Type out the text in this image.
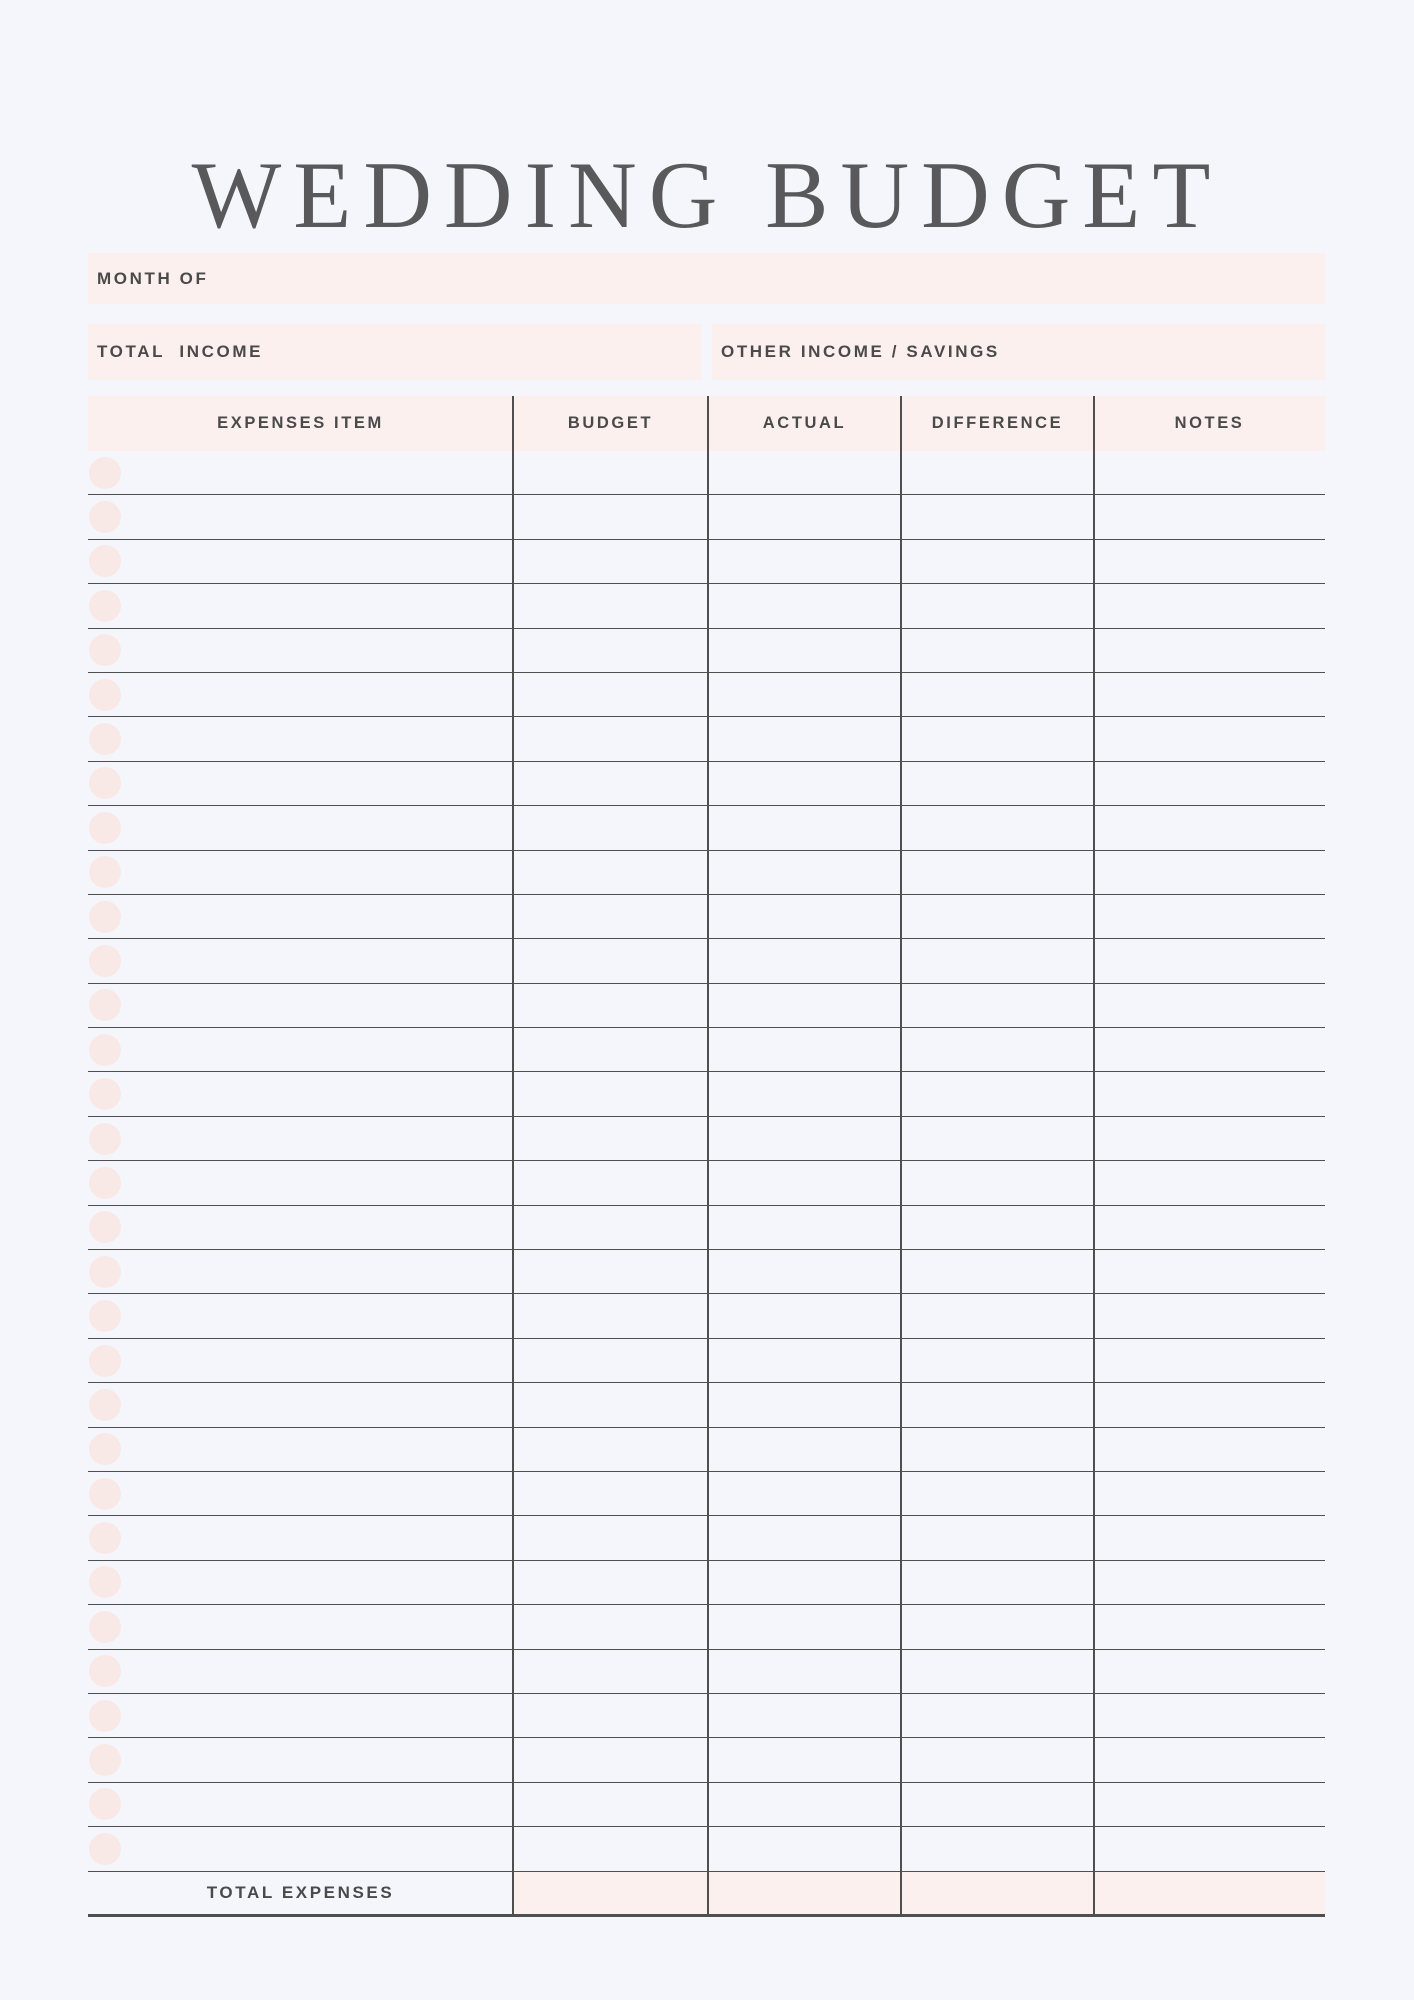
WEDDING BUDGET
MONTH OF
TOTAL  INCOME	OTHER INCOME / SAVINGS
EXPENSES ITEM	BUDGET	ACTUAL	DIFFERENCE	NOTES
TOTAL EXPENSES
